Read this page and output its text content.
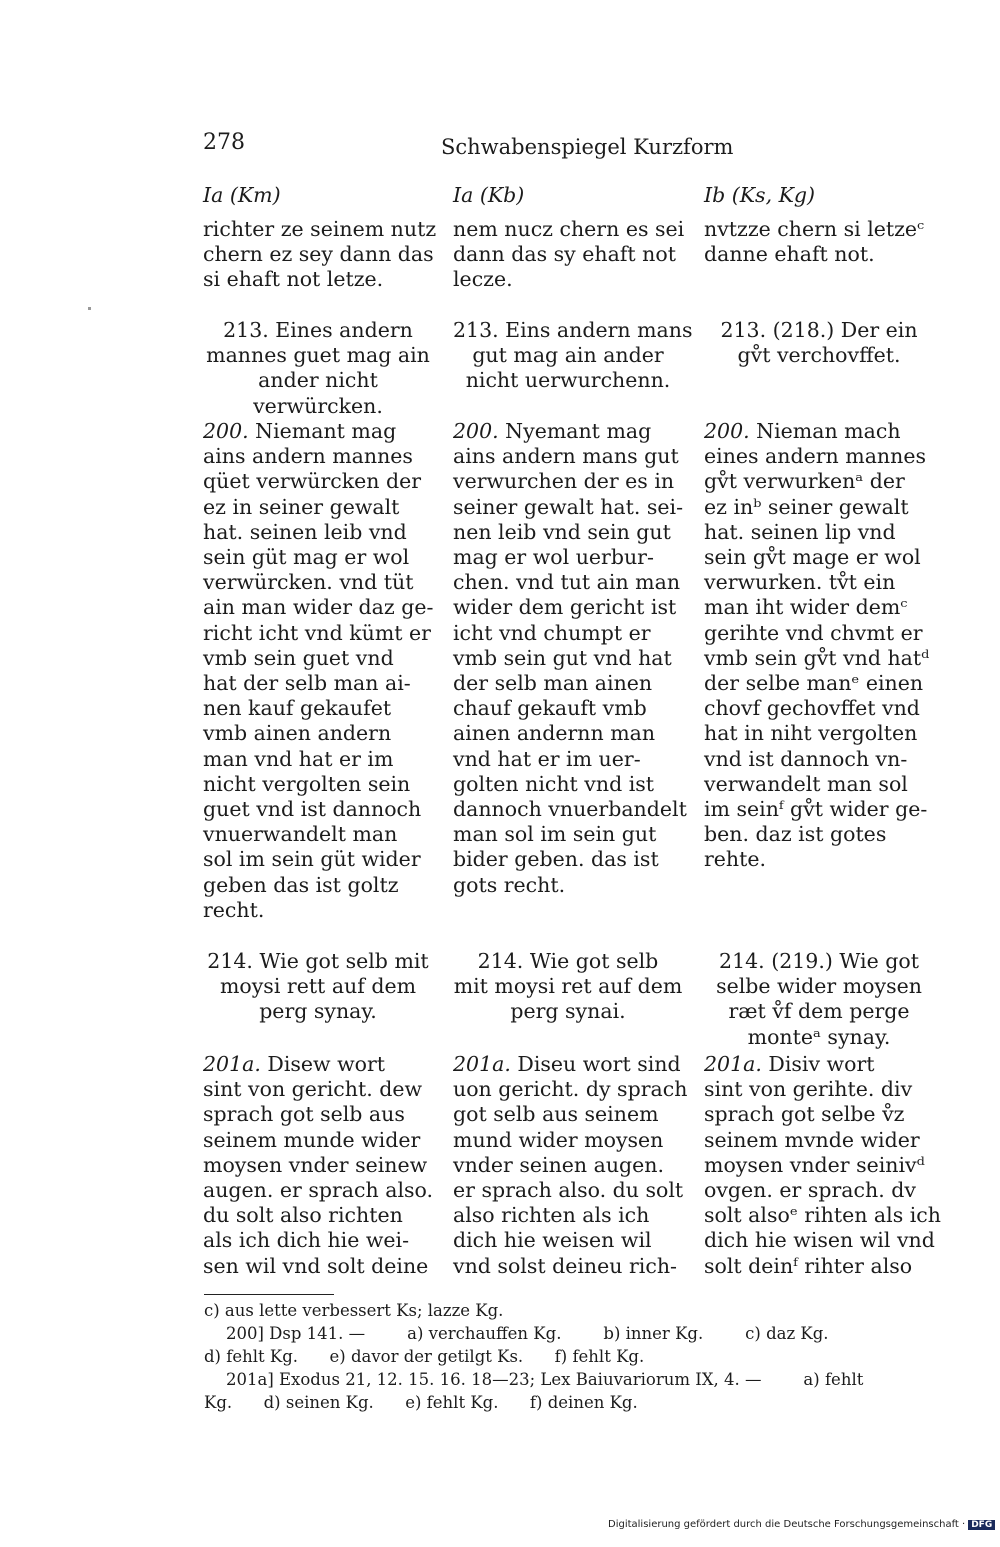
278	Schwabenspiegel Kurzform
Ia (Km)
richter ze seinem nutz
chern ez sey dann das
si ehaft not letze.
213. Eines andern
mannes guet mag ain
ander nicht
verwürcken.
200. Niemant mag
ains andern mannes
qüet verwürcken der
ez in seiner gewalt
hat. seinen leib vnd
sein güt mag er wol
verwürcken. vnd tüt
ain man wider daz ge-
richt icht vnd kümt er
vmb sein guet vnd
hat der selb man ai-
nen kauf gekaufet
vmb ainen andern
man vnd hat er im
nicht vergolten sein
guet vnd ist dannoch
vnuerwandelt man
sol im sein güt wider
geben das ist goltz
recht.
214. Wie got selb mit
moysi rett auf dem
perg synay.
201a. Disew wort
sint von gericht. dew
sprach got selb aus
seinem munde wider
moysen vnder seinew
augen. er sprach also.
du solt also richten
als ich dich hie wei-
sen wil vnd solt deine
Ia (Kb)
nem nucz chern es sei
dann das sy ehaft not
lecze.
213. Eins andern mans
gut mag ain ander
nicht uerwurchenn.
200. Nyemant mag
ains andern mans gut
verwurchen der es in
seiner gewalt hat. sei-
nen leib vnd sein gut
mag er wol uerbur-
chen. vnd tut ain man
wider dem gericht ist
icht vnd chumpt er
vmb sein gut vnd hat
der selb man ainen
chauf gekauft vmb
ainen andernn man
vnd hat er im uer-
golten nicht vnd ist
dannoch vnuerbandelt
man sol im sein gut
bider geben. das ist
gots recht.
214. Wie got selb
mit moysi ret auf dem
perg synai.
201a. Diseu wort sind
uon gericht. dy sprach
got selb aus seinem
mund wider moysen
vnder seinen augen.
er sprach also. du solt
also richten als ich
dich hie weisen wil
vnd solst deineu rich-
Ib (Ks, Kg)
nvtzze chern si letzeᶜ
danne ehaft not.
213. (218.) Der ein
gv̊t verchovffet.
200. Nieman mach
eines andern mannes
gv̊t verwurkenᵃ der
ez inᵇ seiner gewalt
hat. seinen lip vnd
sein gv̊t mage er wol
verwurken. tv̊t ein
man iht wider demᶜ
gerihte vnd chvmt er
vmb sein gv̊t vnd hatᵈ
der selbe manᵉ einen
chovf gechovffet vnd
hat in niht vergolten
vnd ist dannoch vn-
verwandelt man sol
im seinᶠ gv̊t wider ge-
ben. daz ist gotes
rehte.
214. (219.) Wie got
selbe wider moysen
ræt v̊f dem perge
monteᵃ synay.
201a. Disiv wort
sint von gerihte. div
sprach got selbe v̊z
seinem mvnde wider
moysen vnder seinivᵈ
ovgen. er sprach. dv
solt alsoᵉ rihten als ich
dich hie wisen wil vnd
solt deinᶠ rihter also
c) aus lette verbessert Ks; lazze Kg.
200] Dsp 141. —        a) verchauffen Kg.        b) inner Kg.        c) daz Kg.
d) fehlt Kg.      e) davor der getilgt Ks.      f) fehlt Kg.
201a] Exodus 21, 12. 15. 16. 18—23; Lex Baiuvariorum IX, 4. —        a) fehlt
Kg.      d) seinen Kg.      e) fehlt Kg.      f) deinen Kg.
Digitalisierung gefördert durch die Deutsche Forschungsgemeinschaft · DFG
